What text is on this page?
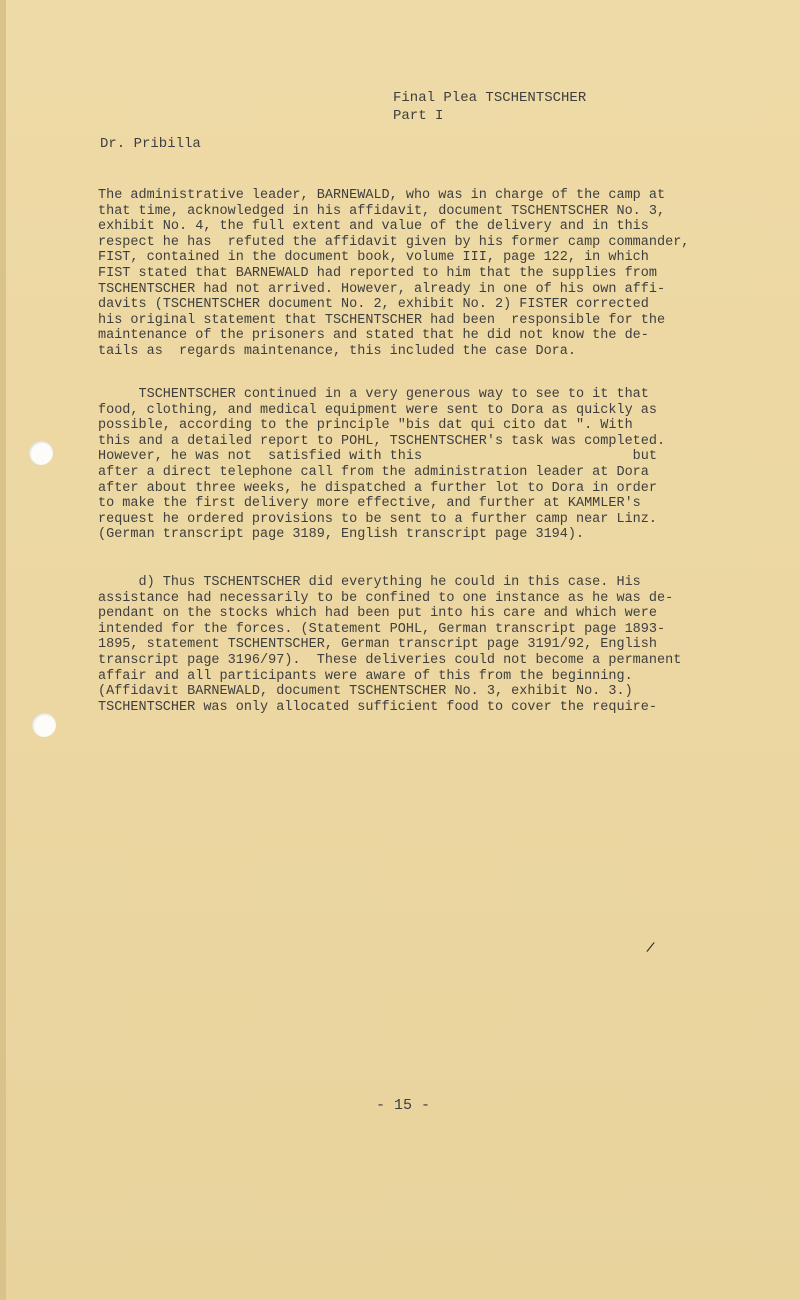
Final Plea TSCHENTSCHER
Part I
Dr. Pribilla
The administrative leader, BARNEWALD, who was in charge of the camp at
that time, acknowledged in his affidavit, document TSCHENTSCHER No. 3,
exhibit No. 4, the full extent and value of the delivery and in this
respect he has  refuted the affidavit given by his former camp commander,
FIST, contained in the document book, volume III, page 122, in which
FIST stated that BARNEWALD had reported to him that the supplies from
TSCHENTSCHER had not arrived. However, already in one of his own affi-
davits (TSCHENTSCHER document No. 2, exhibit No. 2) FISTER corrected
his original statement that TSCHENTSCHER had been  responsible for the
maintenance of the prisoners and stated that he did not know the de-
tails as  regards maintenance, this included the case Dora.
TSCHENTSCHER continued in a very generous way to see to it that
food, clothing, and medical equipment were sent to Dora as quickly as
possible, according to the principle "bis dat qui cito dat ". With
this and a detailed report to POHL, TSCHENTSCHER's task was completed.
However, he was not  satisfied with this                          but
after a direct telephone call from the administration leader at Dora
after about three weeks, he dispatched a further lot to Dora in order
to make the first delivery more effective, and further at KAMMLER's
request he ordered provisions to be sent to a further camp near Linz.
(German transcript page 3189, English transcript page 3194).
d) Thus TSCHENTSCHER did everything he could in this case. His
assistance had necessarily to be confined to one instance as he was de-
pendant on the stocks which had been put into his care and which were
intended for the forces. (Statement POHL, German transcript page 1893-
1895, statement TSCHENTSCHER, German transcript page 3191/92, English
transcript page 3196/97).  These deliveries could not become a permanent
affair and all participants were aware of this from the beginning.
(Affidavit BARNEWALD, document TSCHENTSCHER No. 3, exhibit No. 3.)
TSCHENTSCHER was only allocated sufficient food to cover the require-
/
- 15 -
